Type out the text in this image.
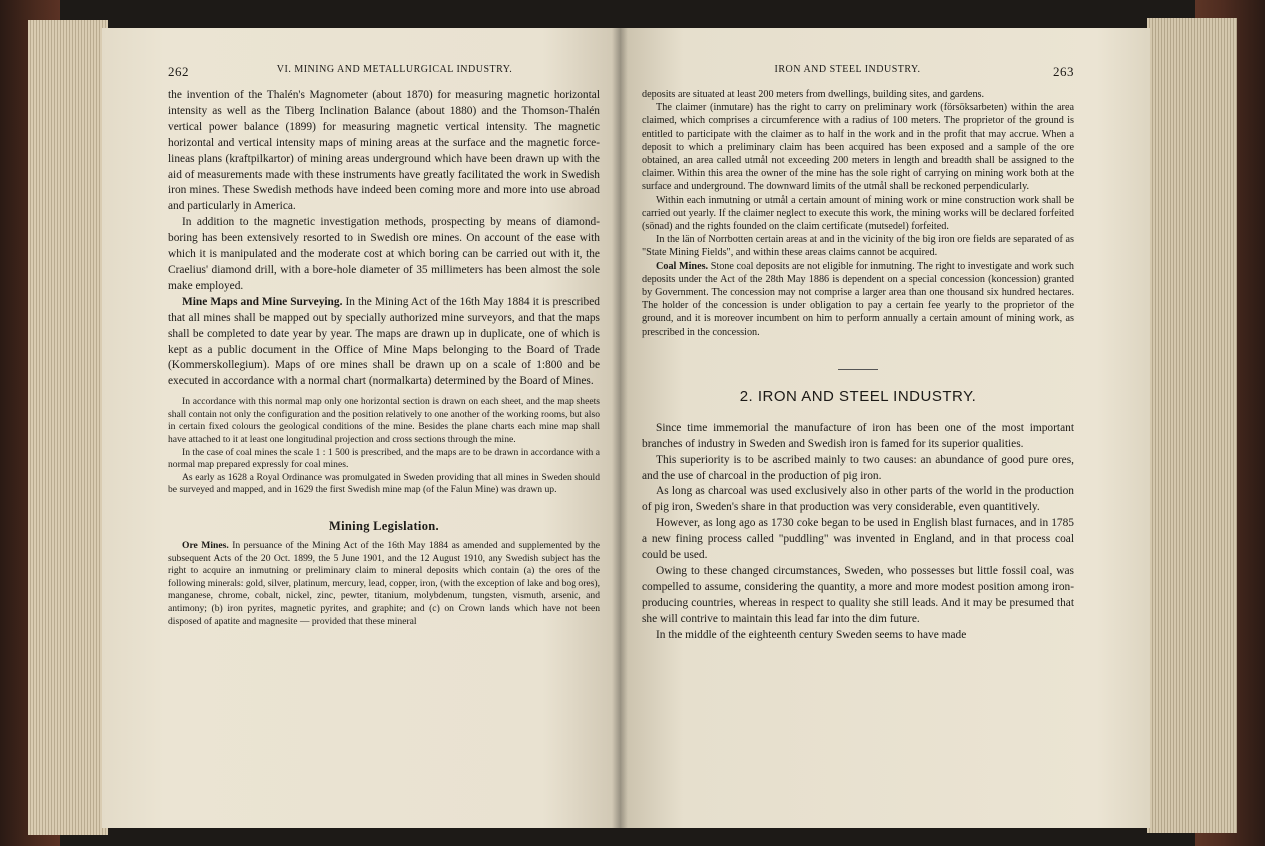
262	VI. MINING AND METALLURGICAL INDUSTRY.

the invention of the Thalén's Magnometer (about 1870) for measuring magnetic horizontal intensity as well as the Tiberg Inclination Balance (about 1880) and the Thomson-Thalén vertical power balance (1899) for measuring magnetic vertical intensity. The magnetic horizontal and vertical intensity maps of mining areas at the surface and the magnetic force-lineas plans (kraftpilkartor) of mining areas underground which have been drawn up with the aid of measurements made with these instruments have greatly facilitated the work in Swedish iron mines. These Swedish methods have indeed been coming more and more into use abroad and particularly in America.

In addition to the magnetic investigation methods, prospecting by means of diamond-boring has been extensively resorted to in Swedish ore mines. On account of the ease with which it is manipulated and the moderate cost at which boring can be carried out with it, the Craelius' diamond drill, with a bore-hole diameter of 35 millimeters has been almost the sole make employed.

Mine Maps and Mine Surveying. In the Mining Act of the 16th May 1884 it is prescribed that all mines shall be mapped out by specially authorized mine surveyors, and that the maps shall be completed to date year by year. The maps are drawn up in duplicate, one of which is kept as a public document in the Office of Mine Maps belonging to the Board of Trade (Kommerskollegium). Maps of ore mines shall be drawn up on a scale of 1:800 and be executed in accordance with a normal chart (normalkarta) determined by the Board of Mines.

In accordance with this normal map only one horizontal section is drawn on each sheet, and the map sheets shall contain not only the configuration and the position relatively to one another of the working rooms, but also in certain fixed colours the geological conditions of the mine. Besides the plane charts each mine map shall have attached to it at least one longitudinal projection and cross sections through the mine.

In the case of coal mines the scale 1 : 1 500 is prescribed, and the maps are to be drawn in accordance with a normal map prepared expressly for coal mines.

As early as 1628 a Royal Ordinance was promulgated in Sweden providing that all mines in Sweden should be surveyed and mapped, and in 1629 the first Swedish mine map (of the Falun Mine) was drawn up.

Mining Legislation.

Ore Mines. In persuance of the Mining Act of the 16th May 1884 as amended and supplemented by the subsequent Acts of the 20 Oct. 1899, the 5 June 1901, and the 12 August 1910, any Swedish subject has the right to acquire an inmutning or preliminary claim to mineral deposits which contain (a) the ores of the following minerals: gold, silver, platinum, mercury, lead, copper, iron, (with the exception of lake and bog ores), manganese, chrome, cobalt, nickel, zinc, pewter, titanium, molybdenum, tungsten, vismuth, arsenic, and antimony; (b) iron pyrites, magnetic pyrites, and graphite; and (c) on Crown lands which have not been disposed of apatite and magnesite — provided that these mineral

IRON AND STEEL INDUSTRY.	263

deposits are situated at least 200 meters from dwellings, building sites, and gardens.

The claimer (inmutare) has the right to carry on preliminary work (försöksarbeten) within the area claimed, which comprises a circumference with a radius of 100 meters. The proprietor of the ground is entitled to participate with the claimer as to half in the work and in the profit that may accrue. When a deposit to which a preliminary claim has been acquired has been exposed and a sample of the ore obtained, an area called utmål not exceeding 200 meters in length and breadth shall be assigned to the claimer. Within this area the owner of the mine has the sole right of carrying on mining work both at the surface and underground. The downward limits of the utmål shall be reckoned perpendicularly.

Within each inmutning or utmål a certain amount of mining work or mine construction work shall be carried out yearly. If the claimer neglect to execute this work, the mining works will be declared forfeited (sönad) and the rights founded on the claim certificate (mutsedel) forfeited.

In the län of Norrbotten certain areas at and in the vicinity of the big iron ore fields are separated of as "State Mining Fields", and within these areas claims cannot be acquired.

Coal Mines. Stone coal deposits are not eligible for inmutning. The right to investigate and work such deposits under the Act of the 28th May 1886 is dependent on a special concession (koncession) granted by Government. The concession may not comprise a larger area than one thousand six hundred hectares. The holder of the concession is under obligation to pay a certain fee yearly to the proprietor of the ground, and it is moreover incumbent on him to perform annually a certain amount of mining work, as prescribed in the concession.

2. IRON AND STEEL INDUSTRY.

Since time immemorial the manufacture of iron has been one of the most important branches of industry in Sweden and Swedish iron is famed for its superior qualities.

This superiority is to be ascribed mainly to two causes: an abundance of good pure ores, and the use of charcoal in the production of pig iron.

As long as charcoal was used exclusively also in other parts of the world in the production of pig iron, Sweden's share in that production was very considerable, even quantitively.

However, as long ago as 1730 coke began to be used in English blast furnaces, and in 1785 a new fining process called "puddling" was invented in England, and in that process coal could be used.

Owing to these changed circumstances, Sweden, who possesses but little fossil coal, was compelled to assume, considering the quantity, a more and more modest position among iron-producing countries, whereas in respect to quality she still leads. And it may be presumed that she will contrive to maintain this lead far into the dim future.

In the middle of the eighteenth century Sweden seems to have made
